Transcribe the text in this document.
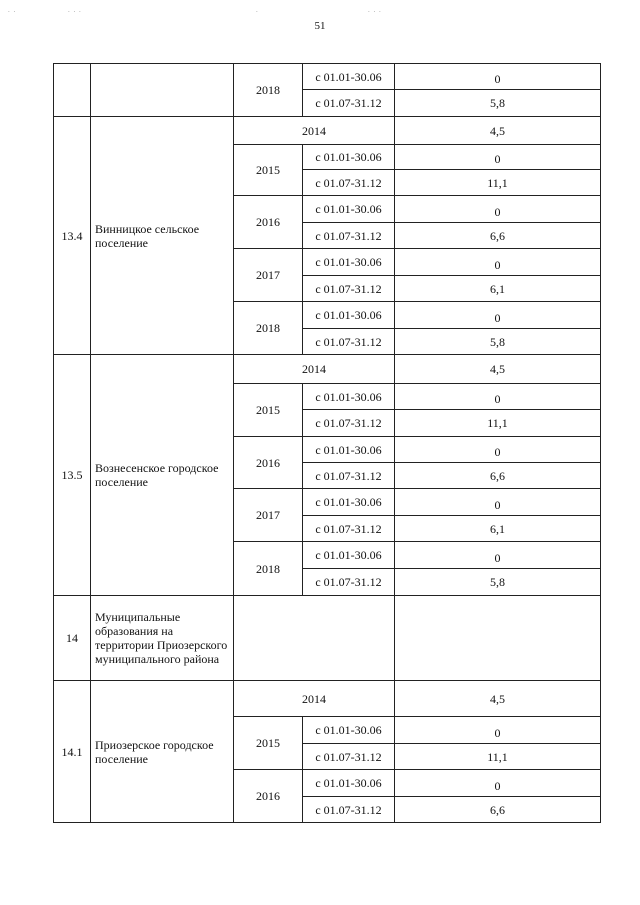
. .	. . .	.	. . .
51
		2018	с 01.01-30.06	0
			с 01.07-31.12	5,8
13.4	Винницкое сельское поселение	2014		4,5
		2015	с 01.01-30.06	0
			с 01.07-31.12	11,1
		2016	с 01.01-30.06	0
			с 01.07-31.12	6,6
		2017	с 01.01-30.06	0
			с 01.07-31.12	6,1
		2018	с 01.01-30.06	0
			с 01.07-31.12	5,8
13.5	Вознесенское городское поселение	2014		4,5
		2015	с 01.01-30.06	0
			с 01.07-31.12	11,1
		2016	с 01.01-30.06	0
			с 01.07-31.12	6,6
		2017	с 01.01-30.06	0
			с 01.07-31.12	6,1
		2018	с 01.01-30.06	0
			с 01.07-31.12	5,8
14	Муниципальные образования на территории Приозерского муниципального района			
14.1	Приозерское городское поселение	2014		4,5
		2015	с 01.01-30.06	0
			с 01.07-31.12	11,1
		2016	с 01.01-30.06	0
			с 01.07-31.12	6,6
